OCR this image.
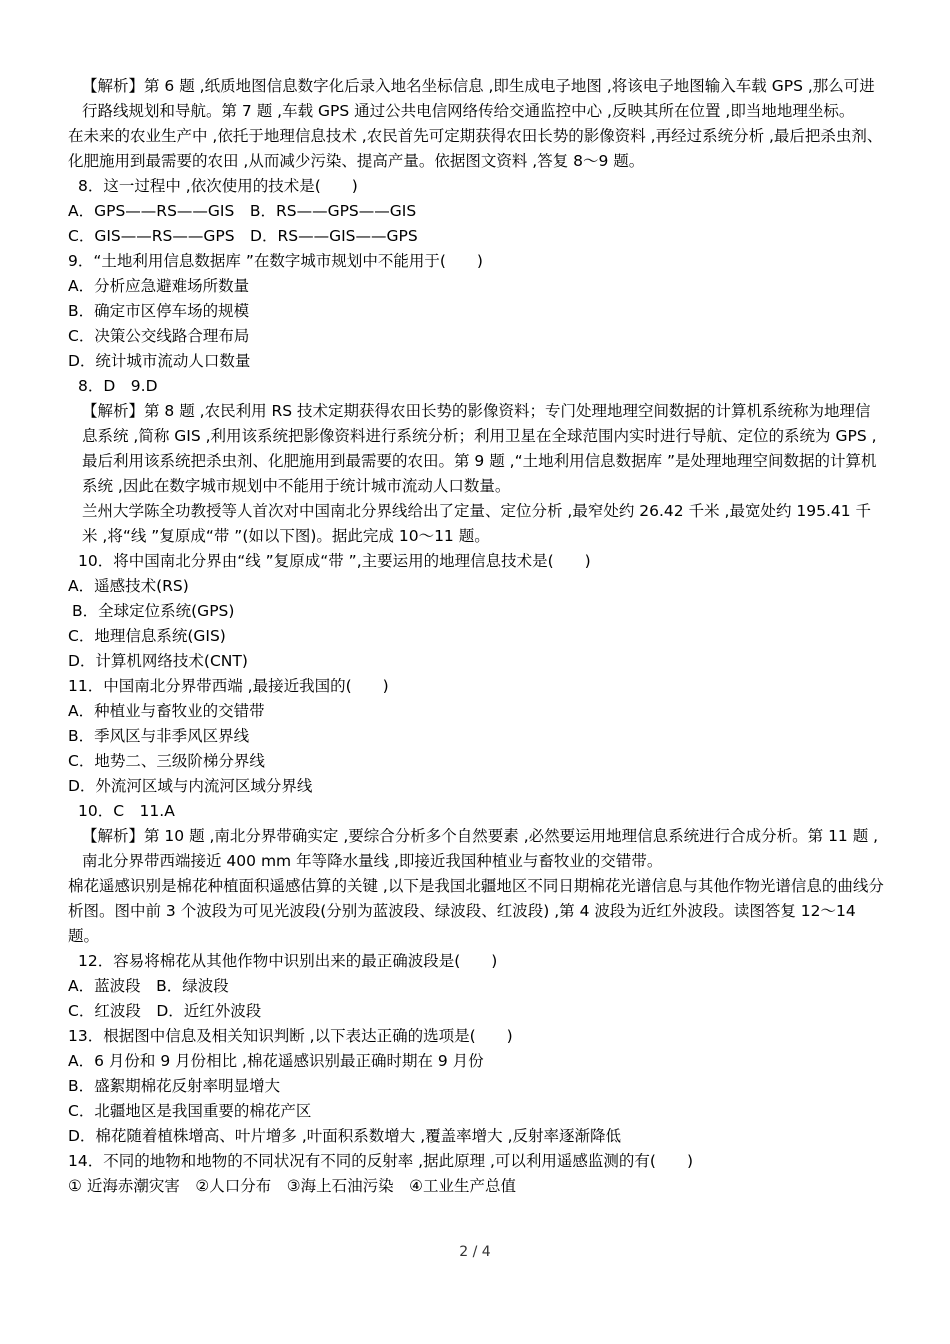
【解析】第 6 题 ,纸质地图信息数字化后录入地名坐标信息 ,即生成电子地图 ,将该电子地图输入车载 GPS ,那么可进行路线规划和导航。第 7 题 ,车载 GPS 通过公共电信网络传给交通监控中心 ,反映其所在位置 ,即当地地理坐标。

在未来的农业生产中 ,依托于地理信息技术 ,农民首先可定期获得农田长势的影像资料 ,再经过系统分析 ,最后把杀虫剂、化肥施用到最需要的农田 ,从而减少污染、提高产量。依据图文资料 ,答复 8～9 题。

8．这一过程中 ,依次使用的技术是(　　)

A．GPS——RS——GIS　B．RS——GPS——GIS

C．GIS——RS——GPS　D．RS——GIS——GPS

9．“土地利用信息数据库 ”在数字城市规划中不能用于(　　)

A．分析应急避难场所数量

B．确定市区停车场的规模

C．决策公交线路合理布局

D．统计城市流动人口数量

8．D　9.D

【解析】第 8 题 ,农民利用 RS 技术定期获得农田长势的影像资料；专门处理地理空间数据的计算机系统称为地理信息系统 ,简称 GIS ,利用该系统把影像资料进行系统分析；利用卫星在全球范围内实时进行导航、定位的系统为 GPS ,最后利用该系统把杀虫剂、化肥施用到最需要的农田。第 9 题 ,“土地利用信息数据库 ”是处理地理空间数据的计算机系统 ,因此在数字城市规划中不能用于统计城市流动人口数量。

兰州大学陈全功教授等人首次对中国南北分界线给出了定量、定位分析 ,最窄处约 26.42 千米 ,最宽处约 195.41 千米 ,将“线 ”复原成“带 ”(如以下图)。据此完成 10～11 题。

10．将中国南北分界由“线 ”复原成“带 ”,主要运用的地理信息技术是(　　)

A．遥感技术(RS)

B．全球定位系统(GPS)

C．地理信息系统(GIS)

D．计算机网络技术(CNT)

11．中国南北分界带西端 ,最接近我国的(　　)

A．种植业与畜牧业的交错带

B．季风区与非季风区界线

C．地势二、三级阶梯分界线

D．外流河区域与内流河区域分界线

10．C　11.A

【解析】第 10 题 ,南北分界带确实定 ,要综合分析多个自然要素 ,必然要运用地理信息系统进行合成分析。第 11 题 ,南北分界带西端接近 400 mm 年等降水量线 ,即接近我国种植业与畜牧业的交错带。

棉花遥感识别是棉花种植面积遥感估算的关键 ,以下是我国北疆地区不同日期棉花光谱信息与其他作物光谱信息的曲线分析图。图中前 3 个波段为可见光波段(分别为蓝波段、绿波段、红波段) ,第 4 波段为近红外波段。读图答复 12～14 题。

12．容易将棉花从其他作物中识别出来的最正确波段是(　　)

A．蓝波段　B．绿波段

C．红波段　D．近红外波段

13．根据图中信息及相关知识判断 ,以下表达正确的选项是(　　)

A．6 月份和 9 月份相比 ,棉花遥感识别最正确时期在 9 月份

B．盛絮期棉花反射率明显增大

C．北疆地区是我国重要的棉花产区

D．棉花随着植株增高、叶片增多 ,叶面积系数增大 ,覆盖率增大 ,反射率逐渐降低

14．不同的地物和地物的不同状况有不同的反射率 ,据此原理 ,可以利用遥感监测的有(　　)

① 近海赤潮灾害　②人口分布　③海上石油污染　④工业生产总值

2 / 4
